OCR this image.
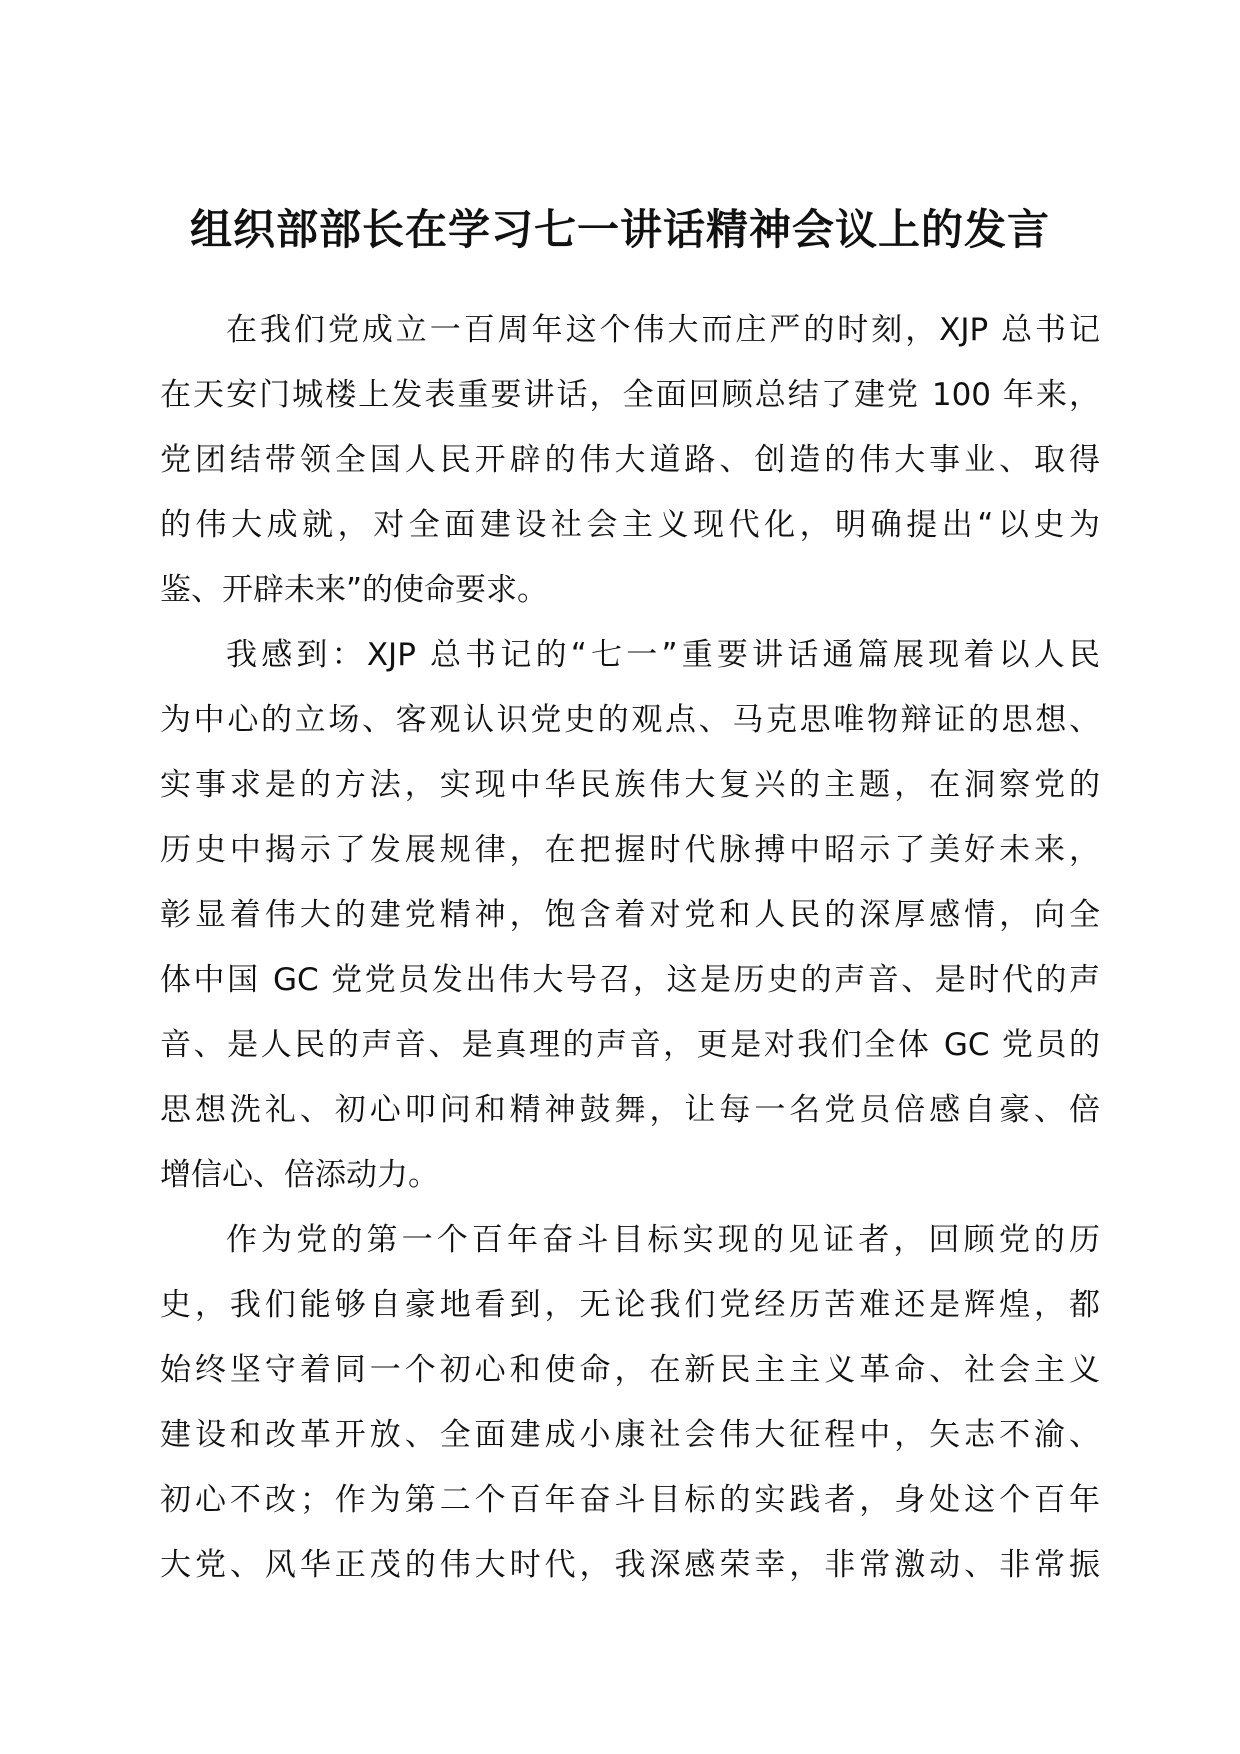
组织部部长在学习七一讲话精神会议上的发言
在我们党成立一百周年这个伟大而庄严的时刻，XJP 总书记
在天安门城楼上发表重要讲话，全面回顾总结了建党 100 年来，
党团结带领全国人民开辟的伟大道路、创造的伟大事业、取得
的伟大成就，对全面建设社会主义现代化，明确提出“以史为
鉴、开辟未来”的使命要求。
我感到：XJP 总书记的“七一”重要讲话通篇展现着以人民
为中心的立场、客观认识党史的观点、马克思唯物辩证的思想、
实事求是的方法，实现中华民族伟大复兴的主题，在洞察党的
历史中揭示了发展规律，在把握时代脉搏中昭示了美好未来，
彰显着伟大的建党精神，饱含着对党和人民的深厚感情，向全
体中国 GC 党党员发出伟大号召，这是历史的声音、是时代的声
音、是人民的声音、是真理的声音，更是对我们全体 GC 党员的
思想洗礼、初心叩问和精神鼓舞，让每一名党员倍感自豪、倍
增信心、倍添动力。
作为党的第一个百年奋斗目标实现的见证者，回顾党的历
史，我们能够自豪地看到，无论我们党经历苦难还是辉煌，都
始终坚守着同一个初心和使命，在新民主主义革命、社会主义
建设和改革开放、全面建成小康社会伟大征程中，矢志不渝、
初心不改；作为第二个百年奋斗目标的实践者，身处这个百年
大党、风华正茂的伟大时代，我深感荣幸，非常激动、非常振
